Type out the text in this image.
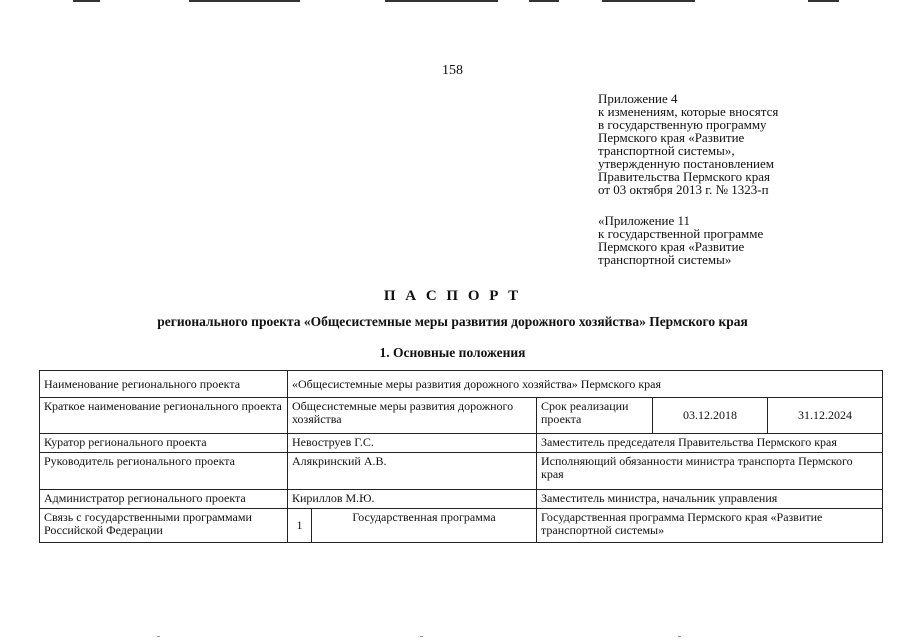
158
Приложение 4
к изменениям, которые вносятся
в государственную программу
Пермского края «Развитие
транспортной системы»,
утвержденную постановлением
Правительства Пермского края
от 03 октября 2013 г. № 1323-п
«Приложение 11
к государственной программе
Пермского края «Развитие
транспортной системы»
П А С П О Р Т
регионального проекта «Общесистемные меры развития дорожного хозяйства» Пермского края
1. Основные положения
Наименование регионального проекта	«Общесистемные меры развития дорожного хозяйства» Пермского края				
Краткое наименование регионального проекта	Общесистемные меры развития дорожного хозяйства		Срок реализации проекта	03.12.2018	31.12.2024
Куратор регионального проекта	Невоструев Г.С.		Заместитель председателя Правительства Пермского края		
Руководитель регионального проекта	Алякринский А.В.		Исполняющий обязанности министра транспорта Пермского края		
Администратор регионального проекта	Кириллов М.Ю.		Заместитель министра, начальник управления		
Связь с государственными программами Российской Федерации	1	Государственная программа	Государственная программа Пермского края «Развитие транспортной системы»		
